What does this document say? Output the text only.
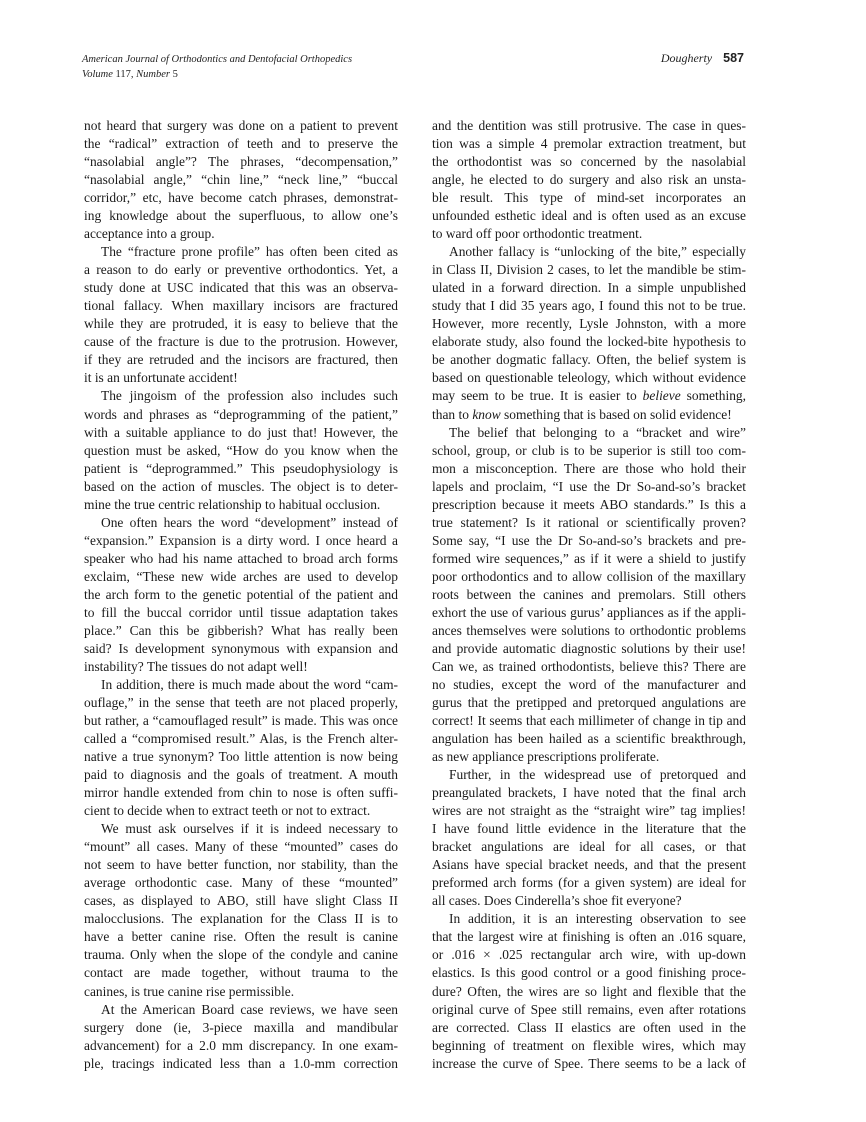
American Journal of Orthodontics and Dentofacial Orthopedics
Volume 117, Number 5
Dougherty 587

not heard that surgery was done on a patient to prevent
the “radical” extraction of teeth and to preserve the
“nasolabial angle”? The phrases, “decompensation,”
“nasolabial angle,” “chin line,” “neck line,” “buccal
corridor,” etc, have become catch phrases, demonstrat-
ing knowledge about the superfluous, to allow one’s
acceptance into a group.

The “fracture prone profile” has often been cited as
a reason to do early or preventive orthodontics. Yet, a
study done at USC indicated that this was an observa-
tional fallacy. When maxillary incisors are fractured
while they are protruded, it is easy to believe that the
cause of the fracture is due to the protrusion. However,
if they are retruded and the incisors are fractured, then
it is an unfortunate accident!

The jingoism of the profession also includes such
words and phrases as “deprogramming of the patient,”
with a suitable appliance to do just that! However, the
question must be asked, “How do you know when the
patient is “deprogrammed.” This pseudophysiology is
based on the action of muscles. The object is to deter-
mine the true centric relationship to habitual occlusion.

One often hears the word “development” instead of
“expansion.” Expansion is a dirty word. I once heard a
speaker who had his name attached to broad arch forms
exclaim, “These new wide arches are used to develop
the arch form to the genetic potential of the patient and
to fill the buccal corridor until tissue adaptation takes
place.” Can this be gibberish? What has really been
said? Is development synonymous with expansion and
instability? The tissues do not adapt well!

In addition, there is much made about the word “cam-
ouflage,” in the sense that teeth are not placed properly,
but rather, a “camouflaged result” is made. This was once
called a “compromised result.” Alas, is the French alter-
native a true synonym? Too little attention is now being
paid to diagnosis and the goals of treatment. A mouth
mirror handle extended from chin to nose is often suffi-
cient to decide when to extract teeth or not to extract.

We must ask ourselves if it is indeed necessary to
“mount” all cases. Many of these “mounted” cases do
not seem to have better function, nor stability, than the
average orthodontic case. Many of these “mounted”
cases, as displayed to ABO, still have slight Class II
malocclusions. The explanation for the Class II is to
have a better canine rise. Often the result is canine
trauma. Only when the slope of the condyle and canine
contact are made together, without trauma to the
canines, is true canine rise permissible.

At the American Board case reviews, we have seen
surgery done (ie, 3-piece maxilla and mandibular
advancement) for a 2.0 mm discrepancy. In one exam-
ple, tracings indicated less than a 1.0-mm correction

and the dentition was still protrusive. The case in ques-
tion was a simple 4 premolar extraction treatment, but
the orthodontist was so concerned by the nasolabial
angle, he elected to do surgery and also risk an unsta-
ble result. This type of mind-set incorporates an
unfounded esthetic ideal and is often used as an excuse
to ward off poor orthodontic treatment.

Another fallacy is “unlocking of the bite,” especially
in Class II, Division 2 cases, to let the mandible be stim-
ulated in a forward direction. In a simple unpublished
study that I did 35 years ago, I found this not to be true.
However, more recently, Lysle Johnston, with a more
elaborate study, also found the locked-bite hypothesis to
be another dogmatic fallacy. Often, the belief system is
based on questionable teleology, which without evidence
may seem to be true. It is easier to believe something,
than to know something that is based on solid evidence!

The belief that belonging to a “bracket and wire”
school, group, or club is to be superior is still too com-
mon a misconception. There are those who hold their
lapels and proclaim, “I use the Dr So-and-so’s bracket
prescription because it meets ABO standards.” Is this a
true statement? Is it rational or scientifically proven?
Some say, “I use the Dr So-and-so’s brackets and pre-
formed wire sequences,” as if it were a shield to justify
poor orthodontics and to allow collision of the maxillary
roots between the canines and premolars. Still others
exhort the use of various gurus’ appliances as if the appli-
ances themselves were solutions to orthodontic problems
and provide automatic diagnostic solutions by their use!
Can we, as trained orthodontists, believe this? There are
no studies, except the word of the manufacturer and
gurus that the pretipped and pretorqued angulations are
correct! It seems that each millimeter of change in tip and
angulation has been hailed as a scientific breakthrough,
as new appliance prescriptions proliferate.

Further, in the widespread use of pretorqued and
preangulated brackets, I have noted that the final arch
wires are not straight as the “straight wire” tag implies!
I have found little evidence in the literature that the
bracket angulations are ideal for all cases, or that
Asians have special bracket needs, and that the present
preformed arch forms (for a given system) are ideal for
all cases. Does Cinderella’s shoe fit everyone?

In addition, it is an interesting observation to see
that the largest wire at finishing is often an .016 square,
or .016 × .025 rectangular arch wire, with up-down
elastics. Is this good control or a good finishing proce-
dure? Often, the wires are so light and flexible that the
original curve of Spee still remains, even after rotations
are corrected. Class II elastics are often used in the
beginning of treatment on flexible wires, which may
increase the curve of Spee. There seems to be a lack of
